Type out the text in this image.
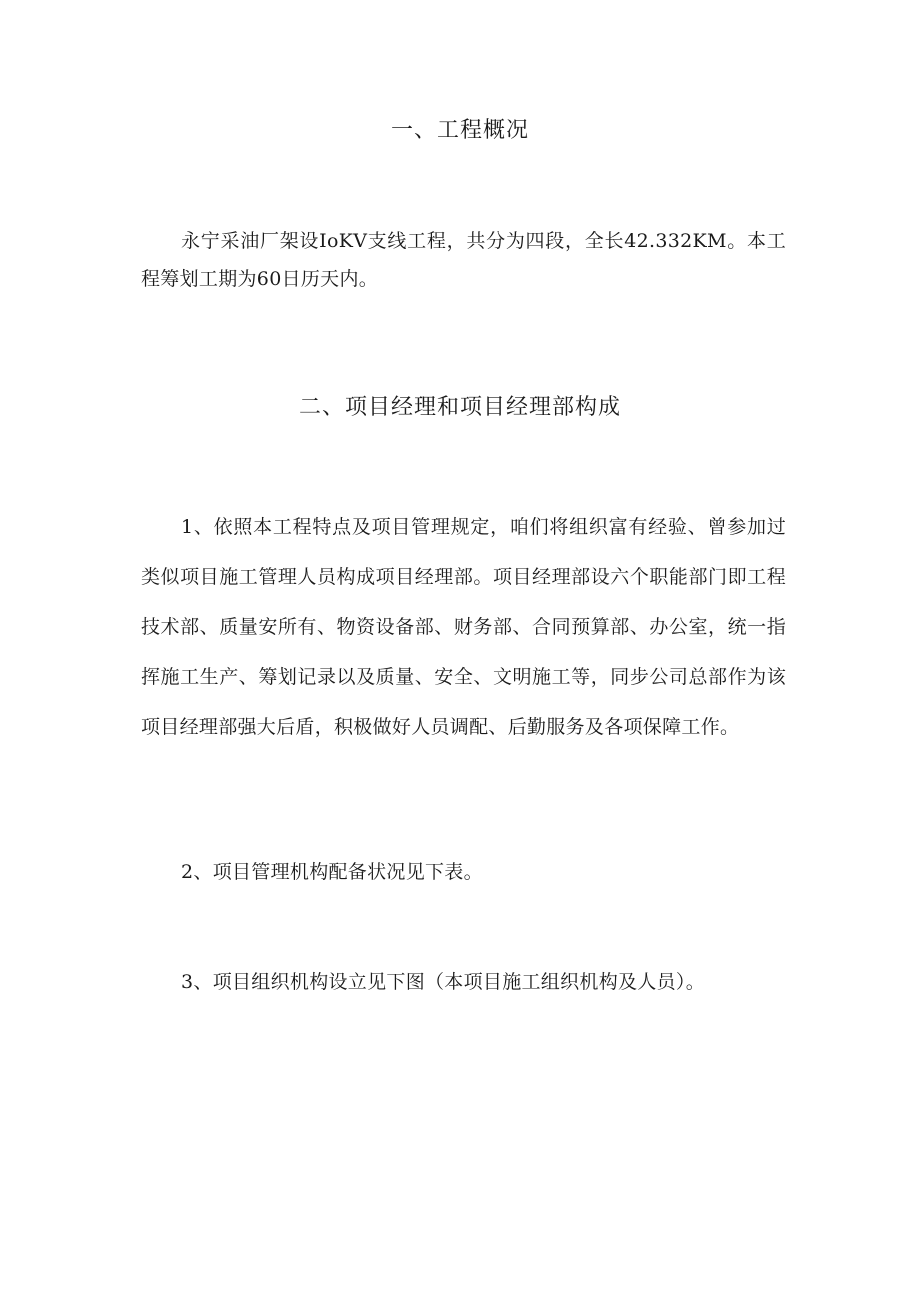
一、工程概况
永宁采油厂架设IoKV支线工程，共分为四段，全长42.332KM。本工程筹划工期为60日历天内。
二、项目经理和项目经理部构成
1、依照本工程特点及项目管理规定，咱们将组织富有经验、曾参加过类似项目施工管理人员构成项目经理部。项目经理部设六个职能部门即工程技术部、质量安所有、物资设备部、财务部、合同预算部、办公室，统一指挥施工生产、筹划记录以及质量、安全、文明施工等，同步公司总部作为该项目经理部强大后盾，积极做好人员调配、后勤服务及各项保障工作。
2、项目管理机构配备状况见下表。
3、项目组织机构设立见下图（本项目施工组织机构及人员）。
